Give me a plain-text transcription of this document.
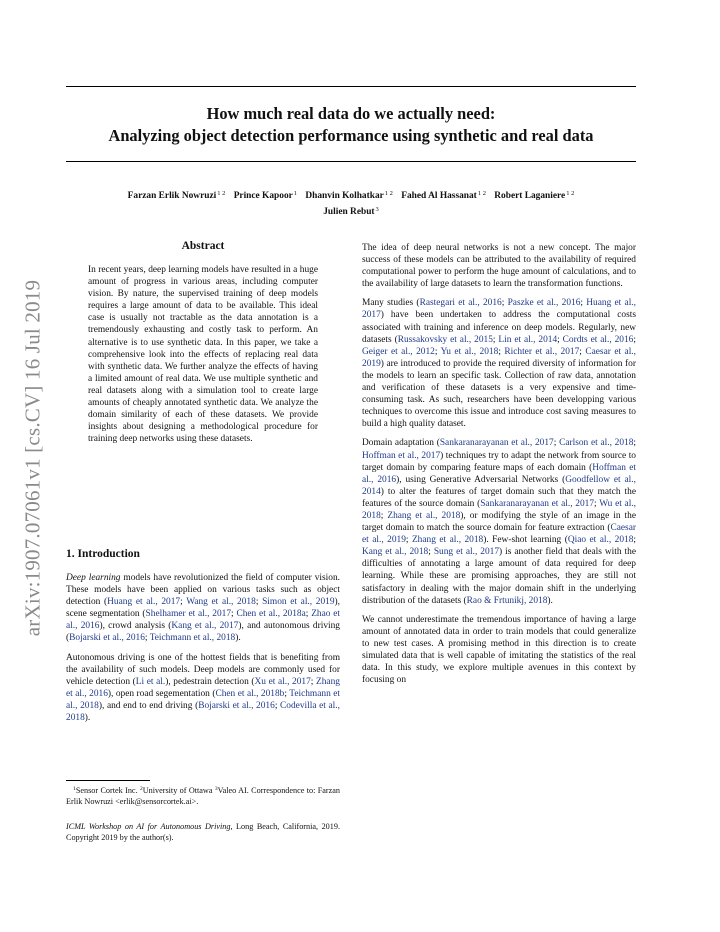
How much real data do we actually need:
Analyzing object detection performance using synthetic and real data
Farzan Erlik Nowruzi$^{1 2}$ Prince Kapoor$^1$ Dhanvin Kolhatkar$^{1 2}$ Fahed Al Hassanat$^{1 2}$ Robert Laganiere$^{1 2}$
Julien Rebut$^3$
arXiv:1907.07061v1 [cs.CV] 16 Jul 2019
Abstract

In recent years, deep learning models have resulted in a huge amount of progress in various areas, including computer vision. By nature, the supervised training of deep models requires a large amount of data to be available. This ideal case is usually not tractable as the data annotation is a tremendously exhausting and costly task to perform. An alternative is to use synthetic data. In this paper, we take a comprehensive look into the effects of replacing real data with synthetic data. We further analyze the effects of having a limited amount of real data. We use multiple synthetic and real datasets along with a simulation tool to create large amounts of cheaply annotated synthetic data. We analyze the domain similarity of each of these datasets. We provide insights about designing a methodological procedure for training deep networks using these datasets.

1. Introduction

Deep learning models have revolutionized the field of computer vision. These models have been applied on various tasks such as object detection (Huang et al., 2017; Wang et al., 2018; Simon et al., 2019), scene segmentation (Shelhamer et al., 2017; Chen et al., 2018a; Zhao et al., 2016), crowd analysis (Kang et al., 2017), and autonomous driving (Bojarski et al., 2016; Teichmann et al., 2018).

Autonomous driving is one of the hottest fields that is benefiting from the availability of such models. Deep models are commonly used for vehicle detection (Li et al.), pedestrain detection (Xu et al., 2017; Zhang et al., 2016), open road segementation (Chen et al., 2018b; Teichmann et al., 2018), and end to end driving (Bojarski et al., 2016; Codevilla et al., 2018).

The idea of deep neural networks is not a new concept. The major success of these models can be attributed to the availability of required computational power to perform the huge amount of calculations, and to the availability of large datasets to learn the transformation functions.

Many studies (Rastegari et al., 2016; Paszke et al., 2016; Huang et al., 2017) have been undertaken to address the computational costs associated with training and inference on deep models. Regularly, new datasets (Russakovsky et al., 2015; Lin et al., 2014; Cordts et al., 2016; Geiger et al., 2012; Yu et al., 2018; Richter et al., 2017; Caesar et al., 2019) are introduced to provide the required diversity of information for the models to learn an specific task. Collection of raw data, annotation and verification of these datasets is a very expensive and time-consuming task. As such, researchers have been developping various techniques to overcome this issue and introduce cost saving measures to build a high quality dataset.

Domain adaptation (Sankaranarayanan et al., 2017; Carlson et al., 2018; Hoffman et al., 2017) techniques try to adapt the network from source to target domain by comparing feature maps of each domain (Hoffman et al., 2016), using Generative Adversarial Networks (Goodfellow et al., 2014) to alter the features of target domain such that they match the features of the source domain (Sankaranarayanan et al., 2017; Wu et al., 2018; Zhang et al., 2018), or modifying the style of an image in the target domain to match the source domain for feature extraction (Caesar et al., 2019; Zhang et al., 2018). Few-shot learning (Qiao et al., 2018; Kang et al., 2018; Sung et al., 2017) is another field that deals with the difficulties of annotating a large amount of data required for deep learning. While these are promising approaches, they are still not satisfactory in dealing with the major domain shift in the underlying distribution of the datasets (Rao & Frtunikj, 2018).

We cannot underestimate the tremendous importance of having a large amount of annotated data in order to train models that could generalize to new test cases. A promising method in this direction is to create simulated data that is well capable of imitating the statistics of the real data. In this study, we explore multiple avenues in this context by focusing on

$^1$Sensor Cortek Inc. $^2$University of Ottawa $^3$Valeo AI. Correspondence to: Farzan Erlik Nowruzi <erlik@sensorcortek.ai>.
ICML Workshop on AI for Autonomous Driving, Long Beach, California, 2019. Copyright 2019 by the author(s).
